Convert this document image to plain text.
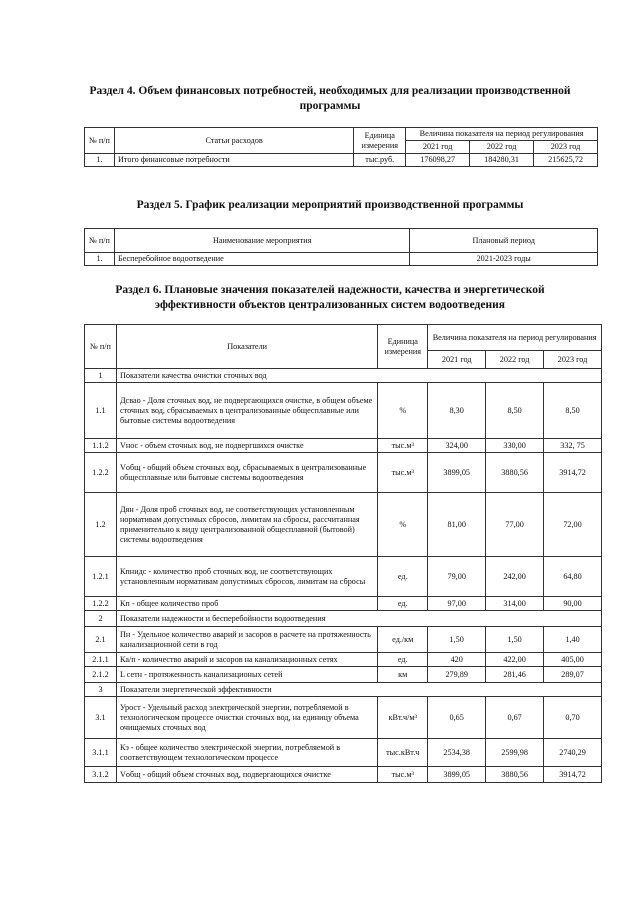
Раздел 4. Объем финансовых потребностей, необходимых для реализации производственной программы
№ п/п	Статьи расходов	Единица измерения	Величина показателя на период регулирования		
			2021 год	2022 год	2023 год
1.	Итого финансовые потребности	тыс.руб.	176098,27	184280,31	215625,72
Раздел 5. График реализации мероприятий производственной программы
№ п/п	Наименование мероприятия	Плановый период
1.	Бесперебойное водоотведение	2021-2023 годы
Раздел 6. Плановые значения показателей надежности, качества и энергетической эффективности объектов централизованных систем водоотведения
№ п/п	Показатели	Единица измерения	Величина показателя на период регулирования		
			2021 год	2022 год	2023 год
1	Показатели качества очистки сточных вод				
1.1	Дсвао - Доля сточных вод, не подвергающихся очистке, в общем объеме сточных вод, сбрасываемых в централизованные общесплавные или бытовые системы водоотведения	%	8,30	8,50	8,50
1.1.2	Vнос - объем сточных вод, не подвергшихся очистке	тыс.м³	324,00	330,00	332, 75
1.2.2	Vобщ - общий объем сточных вод, сбрасываемых в централизованные общесплавные или бытовые системы водоотведения	тыс.м³	3899,05	3880,56	3914,72
1.2	Дян - Доля проб сточных вод, не соответствующих установленным нормативам допустимых сбросов, лимитам на сбросы, рассчитанная применительно к виду централизованной общесплавной (бытовой) системы водоотведения	%	81,00	77,00	72,00
1.2.1	Кпнидс - количество проб сточных вод, не соответствующих установленным нормативам допустимых сбросов, лимитам на сбросы	ед.	79,00	242,00	64,80
1.2.2	Кп - общее количество проб	ед.	97,00	314,00	90,00
2	Показатели надежности и бесперебойности водоотведения				
2.1	Пн - Удельное количество аварий и засоров в расчете на протяженность канализационной сети в год	ед./км	1,50	1,50	1,40
2.1.1	Ка/п - количество аварий и засоров на канализационных сетях	ед.	420	422,00	405,00
2.1.2	L сетн - протяженность канализационых сетей	км	279,89	281,46	289,07
3	Показатели энергетической эффективности				
3.1	Урост - Удельный расход электрической энергии, потребляемой в технологическом процессе очистки сточных вод, на единицу объема очищаемых сточных вод	кВт.ч/м³	0,65	0,67	0,70
3.1.1	Кэ - общее количество электрической энергии, потребляемой в соответствующем технологическом процессе	тыс.кВт.ч	2534,38	2599,98	2740,29
3.1.2	Vобщ - общий объем сточных вод, подвергающихся очистке	тыс.м³	3899,05	3880,56	3914,72
